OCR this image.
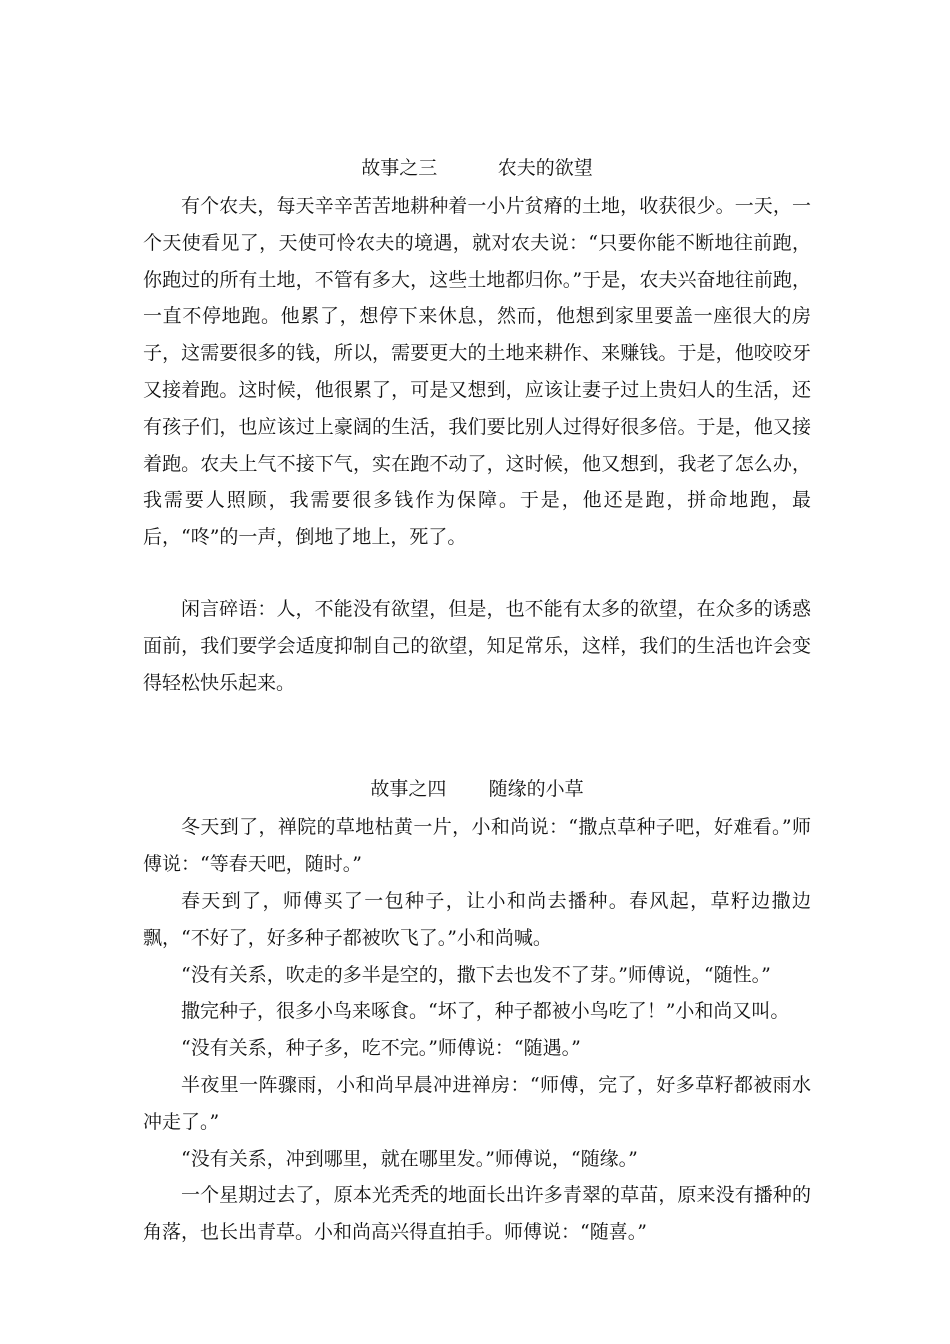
故事之三          农夫的欲望

有个农夫，每天辛辛苦苦地耕种着一小片贫瘠的土地，收获很少。一天，一个天使看见了，天使可怜农夫的境遇，就对农夫说：“只要你能不断地往前跑，你跑过的所有土地，不管有多大，这些土地都归你。”于是，农夫兴奋地往前跑，一直不停地跑。他累了，想停下来休息，然而，他想到家里要盖一座很大的房子，这需要很多的钱，所以，需要更大的土地来耕作、来赚钱。于是，他咬咬牙又接着跑。这时候，他很累了，可是又想到，应该让妻子过上贵妇人的生活，还有孩子们，也应该过上豪阔的生活，我们要比别人过得好很多倍。于是，他又接着跑。农夫上气不接下气，实在跑不动了，这时候，他又想到，我老了怎么办，我需要人照顾，我需要很多钱作为保障。于是，他还是跑，拼命地跑，最后，“咚”的一声，倒地了地上，死了。

闲言碎语：人，不能没有欲望，但是，也不能有太多的欲望，在众多的诱惑面前，我们要学会适度抑制自己的欲望，知足常乐，这样，我们的生活也许会变得轻松快乐起来。

故事之四       随缘的小草

冬天到了，禅院的草地枯黄一片，小和尚说：“撒点草种子吧，好难看。”师傅说：“等春天吧，随时。”

春天到了，师傅买了一包种子，让小和尚去播种。春风起，草籽边撒边飘，“不好了，好多种子都被吹飞了。”小和尚喊。

“没有关系，吹走的多半是空的，撒下去也发不了芽。”师傅说，“随性。”

撒完种子，很多小鸟来啄食。“坏了，种子都被小鸟吃了！”小和尚又叫。

“没有关系，种子多，吃不完。”师傅说：“随遇。”

半夜里一阵骤雨，小和尚早晨冲进禅房：“师傅，完了，好多草籽都被雨水冲走了。”

“没有关系，冲到哪里，就在哪里发。”师傅说，“随缘。”

一个星期过去了，原本光秃秃的地面长出许多青翠的草苗，原来没有播种的角落，也长出青草。小和尚高兴得直拍手。师傅说：“随喜。”
